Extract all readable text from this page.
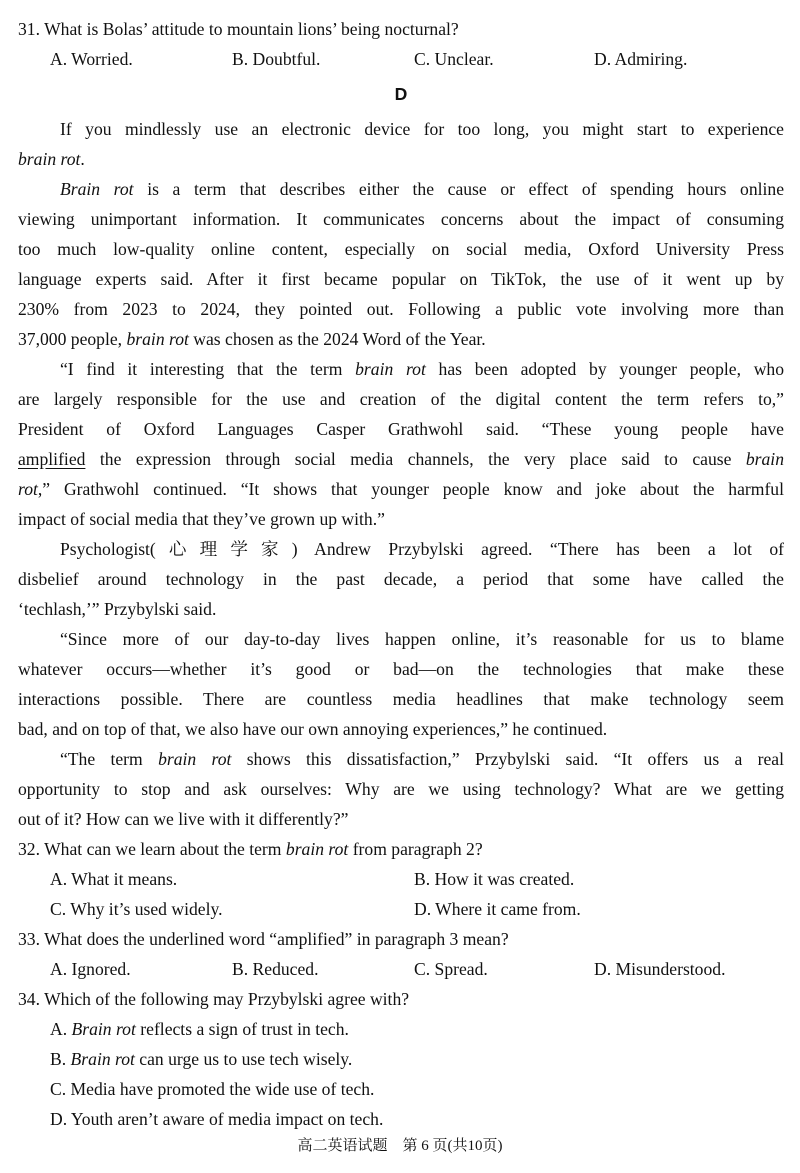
31. What is Bolas’ attitude to mountain lions’ being nocturnal?
A. Worried.	B. Doubtful.	C. Unclear.	D. Admiring.
D
If you mindlessly use an electronic device for too long, you might start to experience
brain rot.
Brain rot is a term that describes either the cause or effect of spending hours online
viewing unimportant information. It communicates concerns about the impact of consuming
too much low-quality online content, especially on social media, Oxford University Press
language experts said. After it first became popular on TikTok, the use of it went up by
230% from 2023 to 2024, they pointed out. Following a public vote involving more than
37,000 people, brain rot was chosen as the 2024 Word of the Year.
“I find it interesting that the term brain rot has been adopted by younger people, who
are largely responsible for the use and creation of the digital content the term refers to,”
President of Oxford Languages Casper Grathwohl said. “These young people have
amplified the expression through social media channels, the very place said to cause brain
rot,” Grathwohl continued. “It shows that younger people know and joke about the harmful
impact of social media that they’ve grown up with.”
Psychologist(心理学家) Andrew Przybylski agreed. “There has been a lot of
disbelief around technology in the past decade, a period that some have called the
‘techlash,’” Przybylski said.
“Since more of our day-to-day lives happen online, it’s reasonable for us to blame
whatever occurs—whether it’s good or bad—on the technologies that make these
interactions possible. There are countless media headlines that make technology seem
bad, and on top of that, we also have our own annoying experiences,” he continued.
“The term brain rot shows this dissatisfaction,” Przybylski said. “It offers us a real
opportunity to stop and ask ourselves: Why are we using technology? What are we getting
out of it? How can we live with it differently?”
32. What can we learn about the term brain rot from paragraph 2?
A. What it means.	B. How it was created.
C. Why it’s used widely.	D. Where it came from.
33. What does the underlined word “amplified” in paragraph 3 mean?
A. Ignored.	B. Reduced.	C. Spread.	D. Misunderstood.
34. Which of the following may Przybylski agree with?
A. Brain rot reflects a sign of trust in tech.
B. Brain rot can urge us to use tech wisely.
C. Media have promoted the wide use of tech.
D. Youth aren’t aware of media impact on tech.
高二英语试题　第 6 页(共10页)
